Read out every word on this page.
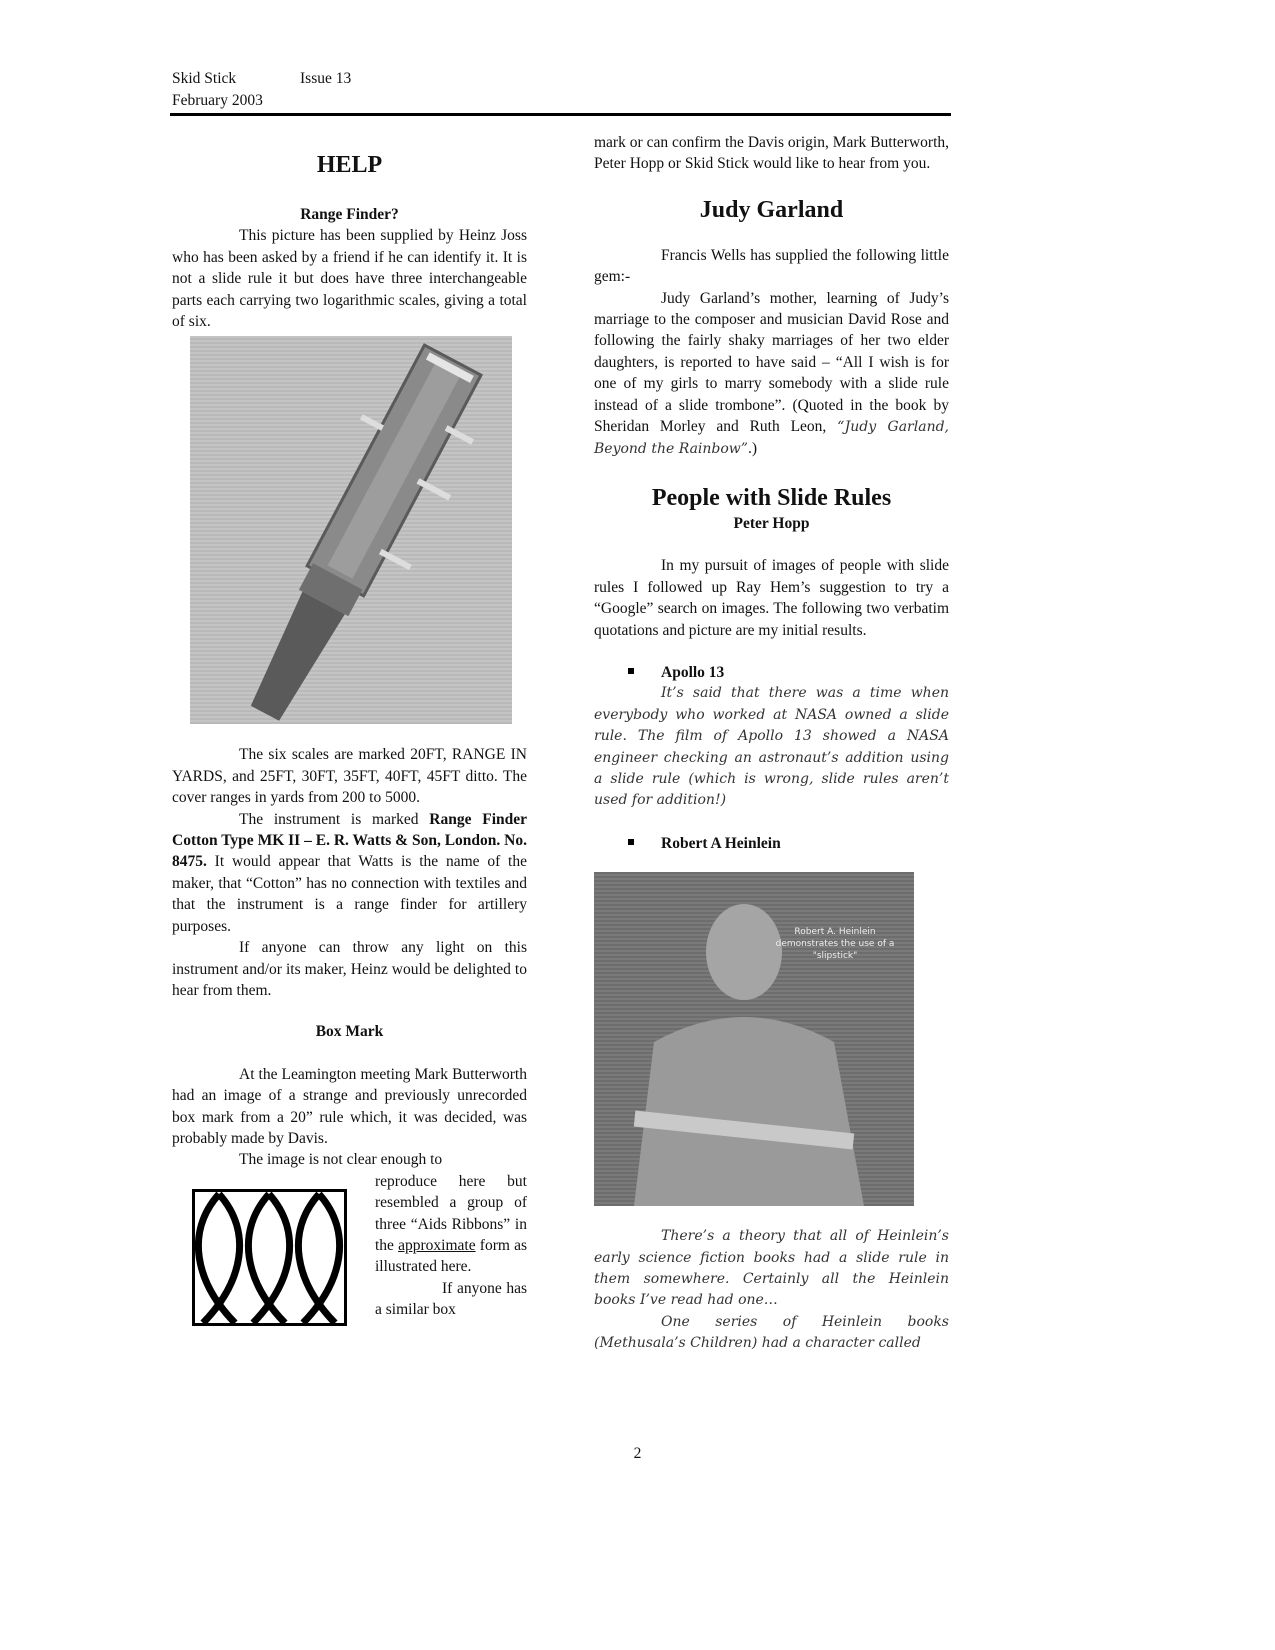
Skid Stick	Issue 13
February 2003

HELP

Range Finder?

This picture has been supplied by Heinz Joss who has been asked by a friend if he can identify it. It is not a slide rule it but does have three interchangeable parts each carrying two logarithmic scales, giving a total of six.

The six scales are marked 20FT, RANGE IN YARDS, and 25FT, 30FT, 35FT, 40FT, 45FT ditto. The cover ranges in yards from 200 to 5000.

The instrument is marked Range Finder Cotton Type MK II – E. R. Watts & Son, London. No. 8475. It would appear that Watts is the name of the maker, that “Cotton” has no connection with textiles and that the instrument is a range finder for artillery purposes.

If anyone can throw any light on this instrument and/or its maker, Heinz would be delighted to hear from them.

Box Mark

At the Leamington meeting Mark Butterworth had an image of a strange and previously unrecorded box mark from a 20” rule which, it was decided, was probably made by Davis.

The image is not clear enough to

reproduce here but resembled a group of three “Aids Ribbons” in the approximate form as illustrated here.

If anyone has a similar box

mark or can confirm the Davis origin, Mark Butterworth, Peter Hopp or Skid Stick would like to hear from you.

Judy Garland

Francis Wells has supplied the following little gem:-

Judy Garland’s mother, learning of Judy’s marriage to the composer and musician David Rose and following the fairly shaky marriages of her two elder daughters, is reported to have said – “All I wish is for one of my girls to marry somebody with a slide rule instead of a slide trombone”. (Quoted in the book by Sheridan Morley and Ruth Leon, “Judy Garland, Beyond the Rainbow”.)

People with Slide Rules

Peter Hopp

In my pursuit of images of people with slide rules I followed up Ray Hem’s suggestion to try a “Google” search on images. The following two verbatim quotations and picture are my initial results.

Apollo 13

It’s said that there was a time when everybody who worked at NASA owned a slide rule. The film of Apollo 13 showed a NASA engineer checking an astronaut’s addition using a slide rule (which is wrong, slide rules aren’t used for addition!)

Robert A Heinlein
Robert A. Heinlein demonstrates the use of a "slipstick"

There’s a theory that all of Heinlein’s early science fiction books had a slide rule in them somewhere. Certainly all the Heinlein books I’ve read had one…

One series of Heinlein books (Methusala’s Children) had a character called

2
